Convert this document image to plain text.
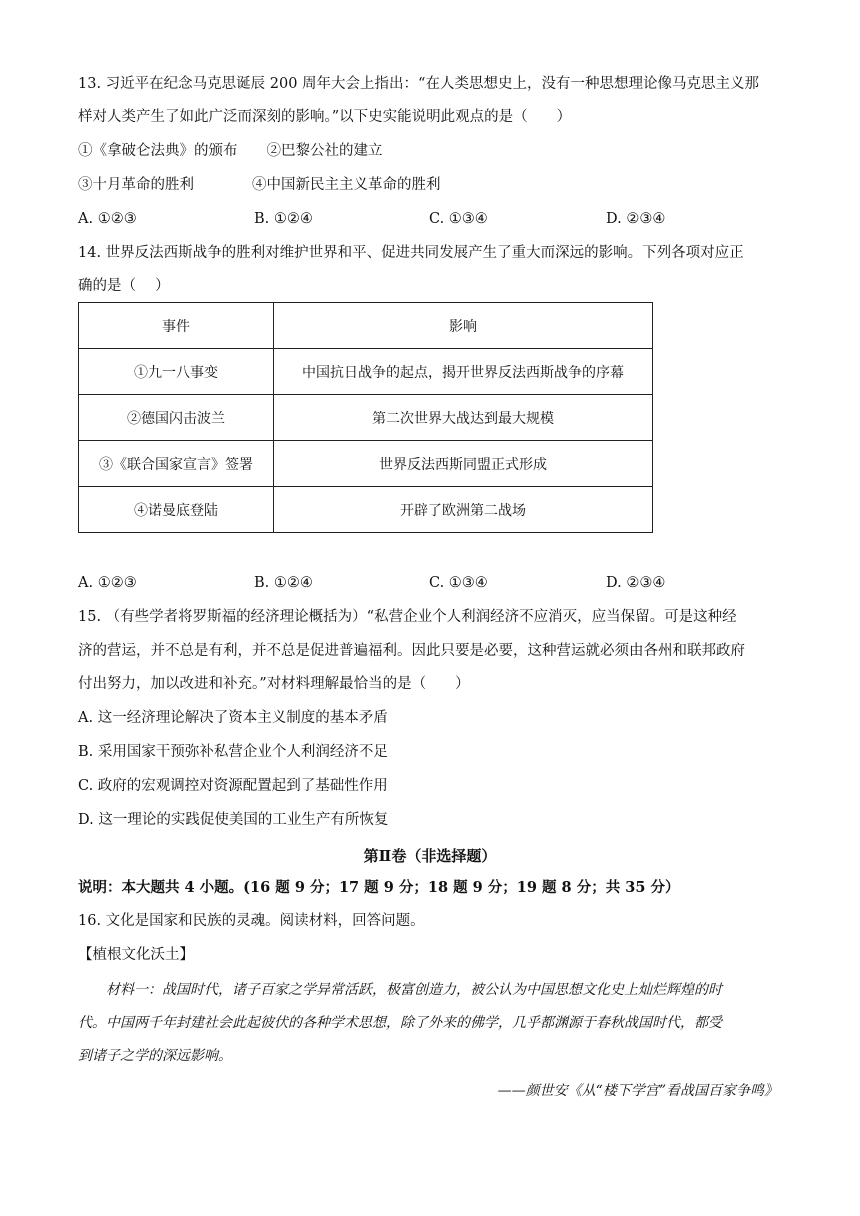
13. 习近平在纪念马克思诞辰 200 周年大会上指出：“在人类思想史上，没有一种思想理论像马克思主义那
样对人类产生了如此广泛而深刻的影响。”以下史实能说明此观点的是（　　）
①《拿破仑法典》的颁布　　②巴黎公社的建立
③十月革命的胜利　　　　④中国新民主主义革命的胜利
A. ①②③	B. ①②④	C. ①③④	D. ②③④
14. 世界反法西斯战争的胜利对维护世界和平、促进共同发展产生了重大而深远的影响。下列各项对应正
确的是（　 ）
事件	影响
①九一八事变	中国抗日战争的起点，揭开世界反法西斯战争的序幕
②德国闪击波兰	第二次世界大战达到最大规模
③《联合国家宣言》签署	世界反法西斯同盟正式形成
④诺曼底登陆	开辟了欧洲第二战场
A. ①②③	B. ①②④	C. ①③④	D. ②③④
15. （有些学者将罗斯福的经济理论概括为）“私营企业个人利润经济不应消灭，应当保留。可是这种经
济的营运，并不总是有利，并不总是促进普遍福利。因此只要是必要，这种营运就必须由各州和联邦政府
付出努力，加以改进和补充。”对材料理解最恰当的是（　　）
A. 这一经济理论解决了资本主义制度的基本矛盾
B. 采用国家干预弥补私营企业个人利润经济不足
C. 政府的宏观调控对资源配置起到了基础性作用
D. 这一理论的实践促使美国的工业生产有所恢复
第Ⅱ卷（非选择题）
说明：本大题共 4 小题。(16 题 9 分；17 题 9 分；18 题 9 分；19 题 8 分；共 35 分）
16. 文化是国家和民族的灵魂。阅读材料，回答问题。
【植根文化沃土】
材料一：战国时代，诸子百家之学异常活跃，极富创造力，被公认为中国思想文化史上灿烂辉煌的时
代。中国两千年封建社会此起彼伏的各种学术思想，除了外来的佛学，几乎都渊源于春秋战国时代，都受
到诸子之学的深远影响。
——颜世安《从“楼下学宫”看战国百家争鸣》
